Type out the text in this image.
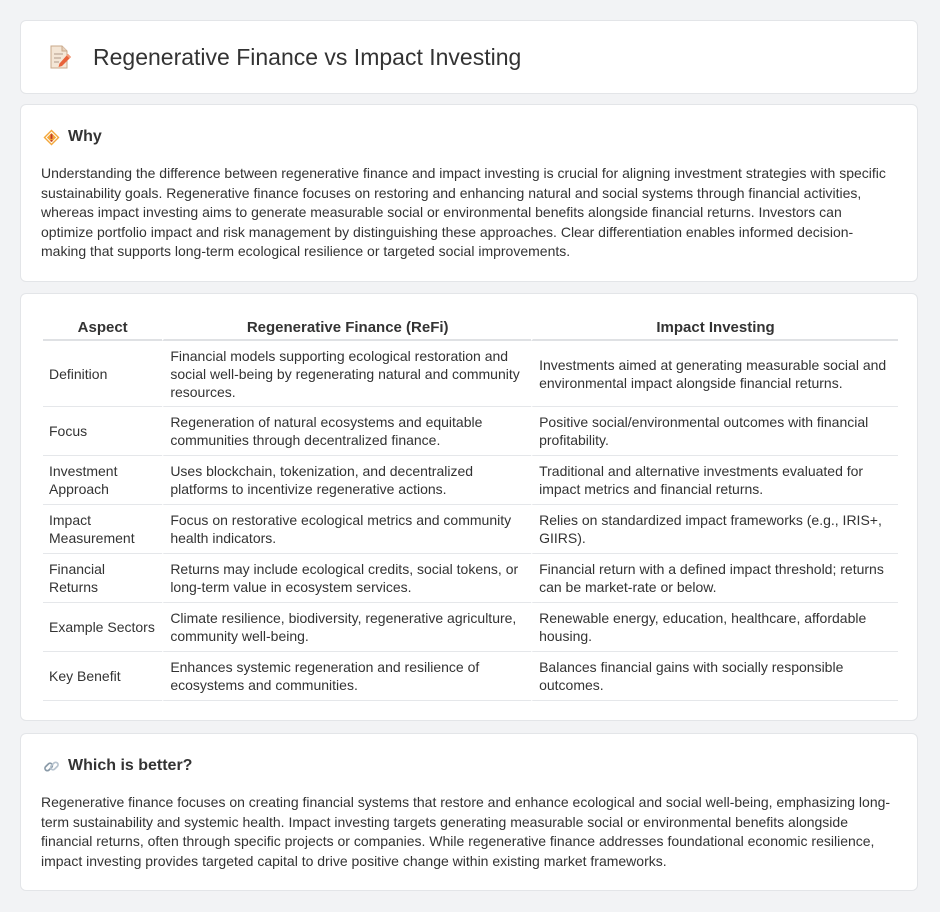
Regenerative Finance vs Impact Investing
Why

Understanding the difference between regenerative finance and impact investing is crucial for aligning investment strategies with specific sustainability goals. Regenerative finance focuses on restoring and enhancing natural and social systems through financial activities, whereas impact investing aims to generate measurable social or environmental benefits alongside financial returns. Investors can optimize portfolio impact and risk management by distinguishing these approaches. Clear differentiation enables informed decision-making that supports long-term ecological resilience or targeted social improvements.

Aspect	Regenerative Finance (ReFi)	Impact Investing
Definition	Financial models supporting ecological restoration and social well-being by regenerating natural and community resources.	Investments aimed at generating measurable social and environmental impact alongside financial returns.
Focus	Regeneration of natural ecosystems and equitable communities through decentralized finance.	Positive social/environmental outcomes with financial profitability.
Investment Approach	Uses blockchain, tokenization, and decentralized platforms to incentivize regenerative actions.	Traditional and alternative investments evaluated for impact metrics and financial returns.
Impact Measurement	Focus on restorative ecological metrics and community health indicators.	Relies on standardized impact frameworks (e.g., IRIS+, GIIRS).
Financial Returns	Returns may include ecological credits, social tokens, or long-term value in ecosystem services.	Financial return with a defined impact threshold; returns can be market-rate or below.
Example Sectors	Climate resilience, biodiversity, regenerative agriculture, community well-being.	Renewable energy, education, healthcare, affordable housing.
Key Benefit	Enhances systemic regeneration and resilience of ecosystems and communities.	Balances financial gains with socially responsible outcomes.
Which is better?

Regenerative finance focuses on creating financial systems that restore and enhance ecological and social well-being, emphasizing long-term sustainability and systemic health. Impact investing targets generating measurable social or environmental benefits alongside financial returns, often through specific projects or companies. While regenerative finance addresses foundational economic resilience, impact investing provides targeted capital to drive positive change within existing market frameworks.
